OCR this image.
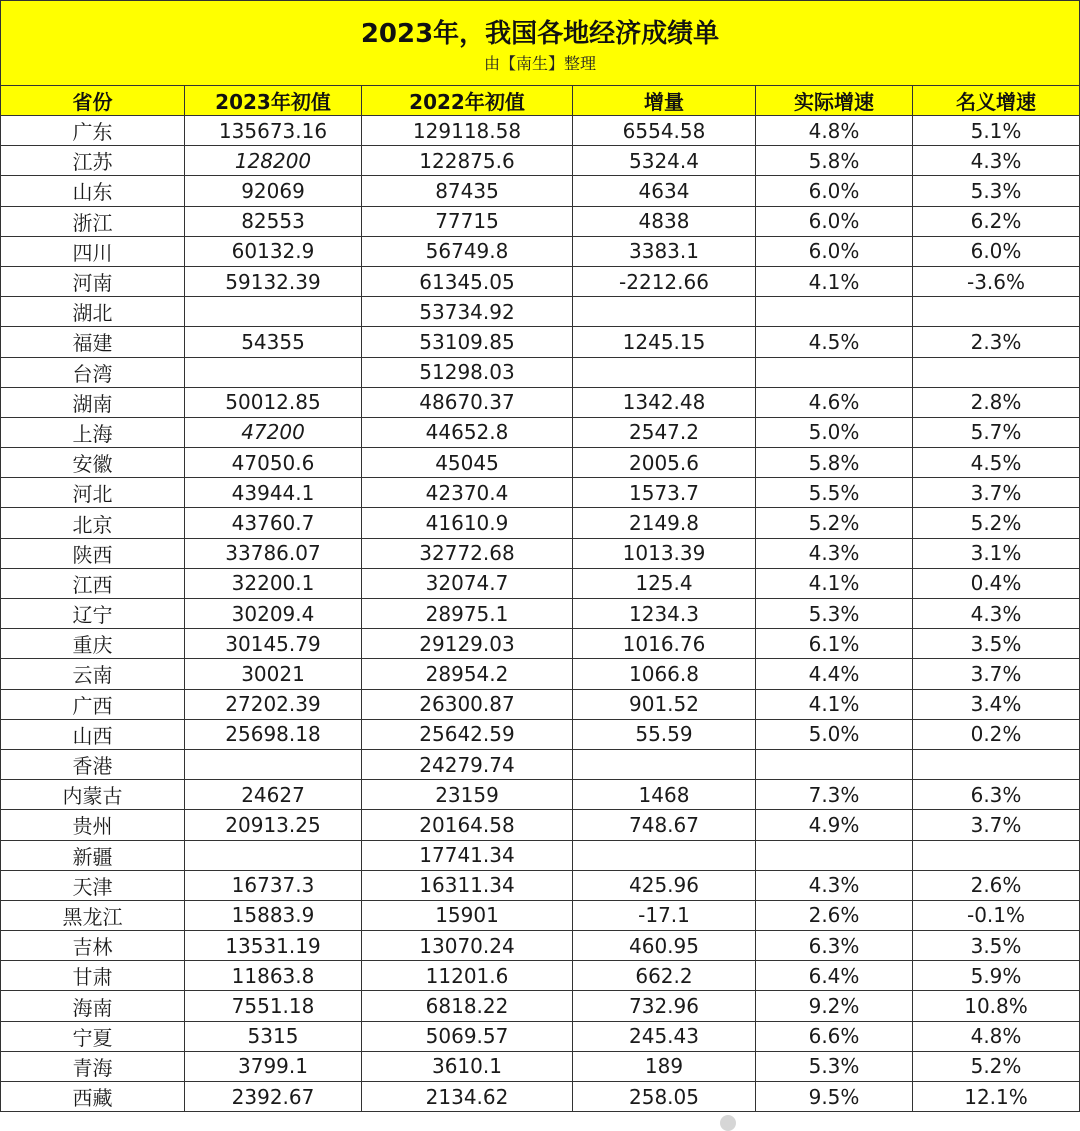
2023年，我国各地经济成绩单
由【南生】整理
省份	2023年初值	2022年初值	增量	实际增速	名义增速
广东	135673.16	129118.58	6554.58	4.8%	5.1%
江苏	128200	122875.6	5324.4	5.8%	4.3%
山东	92069	87435	4634	6.0%	5.3%
浙江	82553	77715	4838	6.0%	6.2%
四川	60132.9	56749.8	3383.1	6.0%	6.0%
河南	59132.39	61345.05	-2212.66	4.1%	-3.6%
湖北		53734.92			
福建	54355	53109.85	1245.15	4.5%	2.3%
台湾		51298.03			
湖南	50012.85	48670.37	1342.48	4.6%	2.8%
上海	47200	44652.8	2547.2	5.0%	5.7%
安徽	47050.6	45045	2005.6	5.8%	4.5%
河北	43944.1	42370.4	1573.7	5.5%	3.7%
北京	43760.7	41610.9	2149.8	5.2%	5.2%
陕西	33786.07	32772.68	1013.39	4.3%	3.1%
江西	32200.1	32074.7	125.4	4.1%	0.4%
辽宁	30209.4	28975.1	1234.3	5.3%	4.3%
重庆	30145.79	29129.03	1016.76	6.1%	3.5%
云南	30021	28954.2	1066.8	4.4%	3.7%
广西	27202.39	26300.87	901.52	4.1%	3.4%
山西	25698.18	25642.59	55.59	5.0%	0.2%
香港		24279.74			
内蒙古	24627	23159	1468	7.3%	6.3%
贵州	20913.25	20164.58	748.67	4.9%	3.7%
新疆		17741.34			
天津	16737.3	16311.34	425.96	4.3%	2.6%
黑龙江	15883.9	15901	-17.1	2.6%	-0.1%
吉林	13531.19	13070.24	460.95	6.3%	3.5%
甘肃	11863.8	11201.6	662.2	6.4%	5.9%
海南	7551.18	6818.22	732.96	9.2%	10.8%
宁夏	5315	5069.57	245.43	6.6%	4.8%
青海	3799.1	3610.1	189	5.3%	5.2%
西藏	2392.67	2134.62	258.05	9.5%	12.1%
